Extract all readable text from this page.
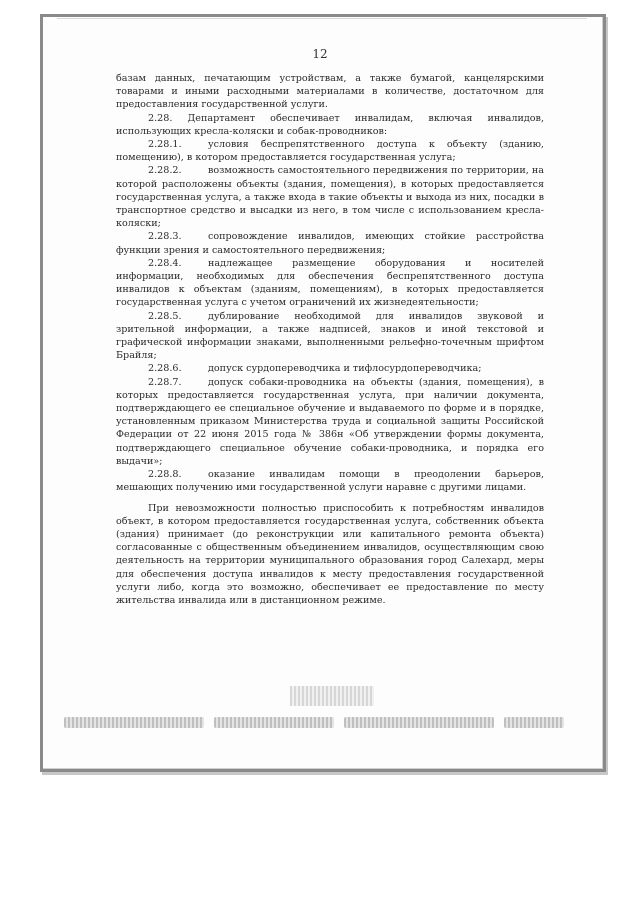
12

базам данных, печатающим устройствам, а также бумагой, канцелярскими товарами и иными расходными материалами в количестве, достаточном для предоставления государственной услуги.

2.28. Департамент обеспечивает инвалидам, включая инвалидов, использующих кресла-коляски и собак-проводников:

2.28.1.	условия беспрепятственного доступа к объекту (зданию, помещению), в котором предоставляется государственная услуга;

2.28.2.	возможность самостоятельного передвижения по территории, на которой расположены объекты (здания, помещения), в которых предоставляется государственная услуга, а также входа в такие объекты и выхода из них, посадки в транспортное средство и высадки из него, в том числе с использованием кресла-коляски;

2.28.3.	сопровождение инвалидов, имеющих стойкие расстройства функции зрения и самостоятельного передвижения;

2.28.4.	надлежащее размещение оборудования и носителей информации, необходимых для обеспечения беспрепятственного доступа инвалидов к объектам (зданиям, помещениям), в которых предоставляется государственная услуга с учетом ограничений их жизнедеятельности;

2.28.5.	дублирование необходимой для инвалидов звуковой и зрительной информации, а также надписей, знаков и иной текстовой и графической информации знаками, выполненными рельефно-точечным шрифтом Брайля;

2.28.6.	допуск сурдопереводчика и тифлосурдопереводчика;

2.28.7.	допуск собаки-проводника на объекты (здания, помещения), в которых предоставляется государственная услуга, при наличии документа, подтверждающего ее специальное обучение и выдаваемого по форме и в порядке, установленным приказом Министерства труда и социальной защиты Российской Федерации от 22 июня 2015 года № 386н «Об утверждении формы документа, подтверждающего специальное обучение собаки-проводника, и порядка его выдачи»;

2.28.8.	оказание инвалидам помощи в преодолении барьеров, мешающих получению ими государственной услуги наравне с другими лицами.

При невозможности полностью приспособить к потребностям инвалидов объект, в котором предоставляется государственная услуга, собственник объекта (здания) принимает (до реконструкции или капитального ремонта объекта) согласованные с общественным объединением инвалидов, осуществляющим свою деятельность на территории муниципального образования город Салехард, меры для обеспечения доступа инвалидов к месту предоставления государственной услуги либо, когда это возможно, обеспечивает ее предоставление по месту жительства инвалида или в дистанционном режиме.
